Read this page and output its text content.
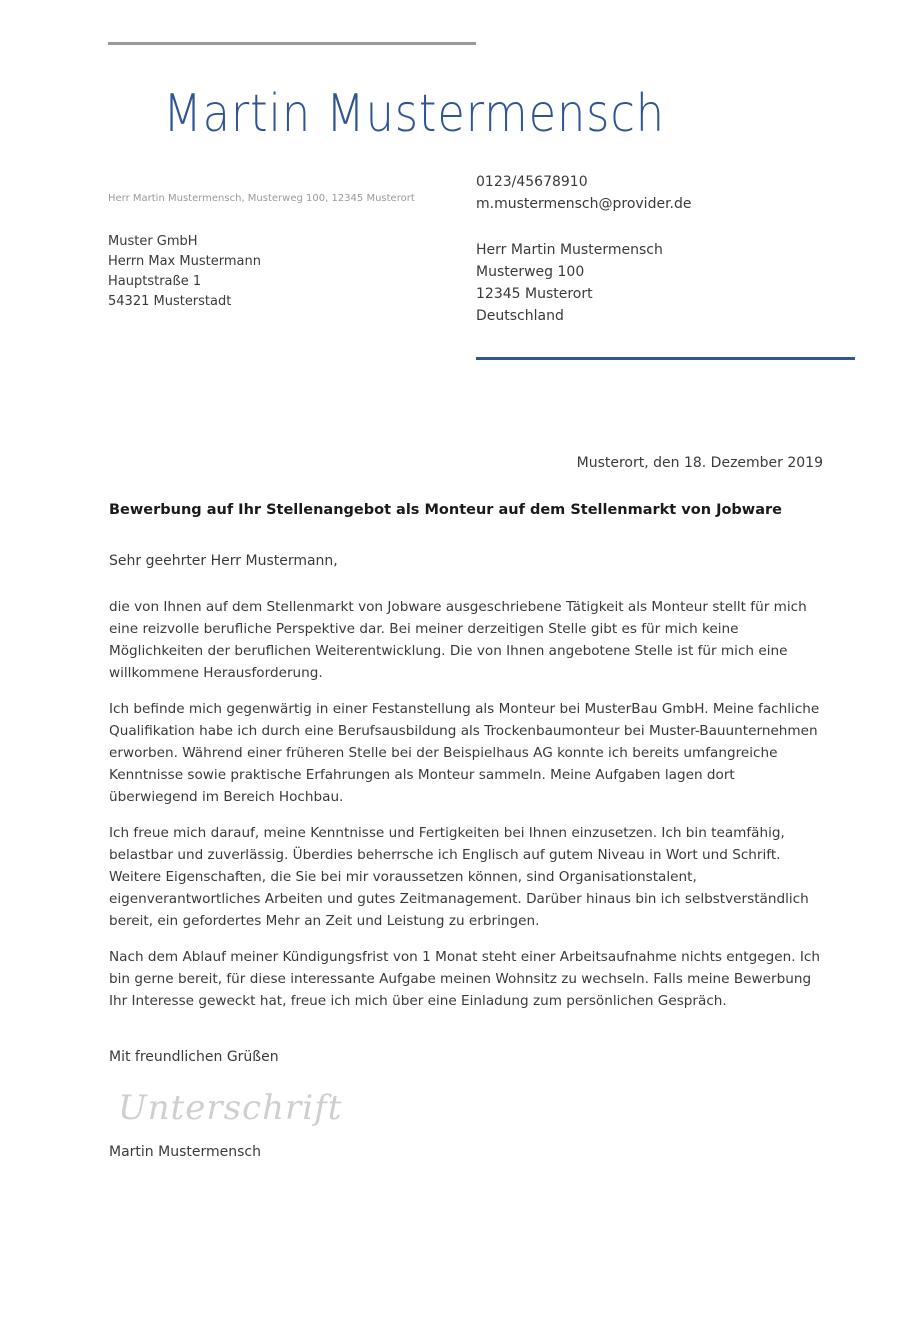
Martin Mustermensch
Herr Martin Mustermensch, Musterweg 100, 12345 Musterort
Muster GmbH
Herrn Max Mustermann
Hauptstraße 1
54321 Musterstadt
0123/45678910
m.mustermensch@provider.de
Herr Martin Mustermensch
Musterweg 100
12345 Musterort
Deutschland
Musterort, den 18. Dezember 2019
Bewerbung auf Ihr Stellenangebot als Monteur auf dem Stellenmarkt von Jobware
Sehr geehrter Herr Mustermann,

die von Ihnen auf dem Stellenmarkt von Jobware ausgeschriebene Tätigkeit als Monteur stellt für mich eine reizvolle berufliche Perspektive dar. Bei meiner derzeitigen Stelle gibt es für mich keine Möglichkeiten der beruflichen Weiterentwicklung. Die von Ihnen angebotene Stelle ist für mich eine willkommene Herausforderung.

Ich befinde mich gegenwärtig in einer Festanstellung als Monteur bei MusterBau GmbH. Meine fachliche Qualifikation habe ich durch eine Berufsausbildung als Trockenbaumonteur bei Muster-Bauunternehmen erworben. Während einer früheren Stelle bei der Beispielhaus AG konnte ich bereits umfangreiche Kenntnisse sowie praktische Erfahrungen als Monteur sammeln. Meine Aufgaben lagen dort überwiegend im Bereich Hochbau.

Ich freue mich darauf, meine Kenntnisse und Fertigkeiten bei Ihnen einzusetzen. Ich bin teamfähig, belastbar und zuverlässig. Überdies beherrsche ich Englisch auf gutem Niveau in Wort und Schrift. Weitere Eigenschaften, die Sie bei mir voraussetzen können, sind Organisationstalent, eigenverantwortliches Arbeiten und gutes Zeitmanagement. Darüber hinaus bin ich selbstverständlich bereit, ein gefordertes Mehr an Zeit und Leistung zu erbringen.

Nach dem Ablauf meiner Kündigungsfrist von 1 Monat steht einer Arbeitsaufnahme nichts entgegen. Ich bin gerne bereit, für diese interessante Aufgabe meinen Wohnsitz zu wechseln. Falls meine Bewerbung Ihr Interesse geweckt hat, freue ich mich über eine Einladung zum persönlichen Gespräch.

Mit freundlichen Grüßen
Unterschrift
Martin Mustermensch
